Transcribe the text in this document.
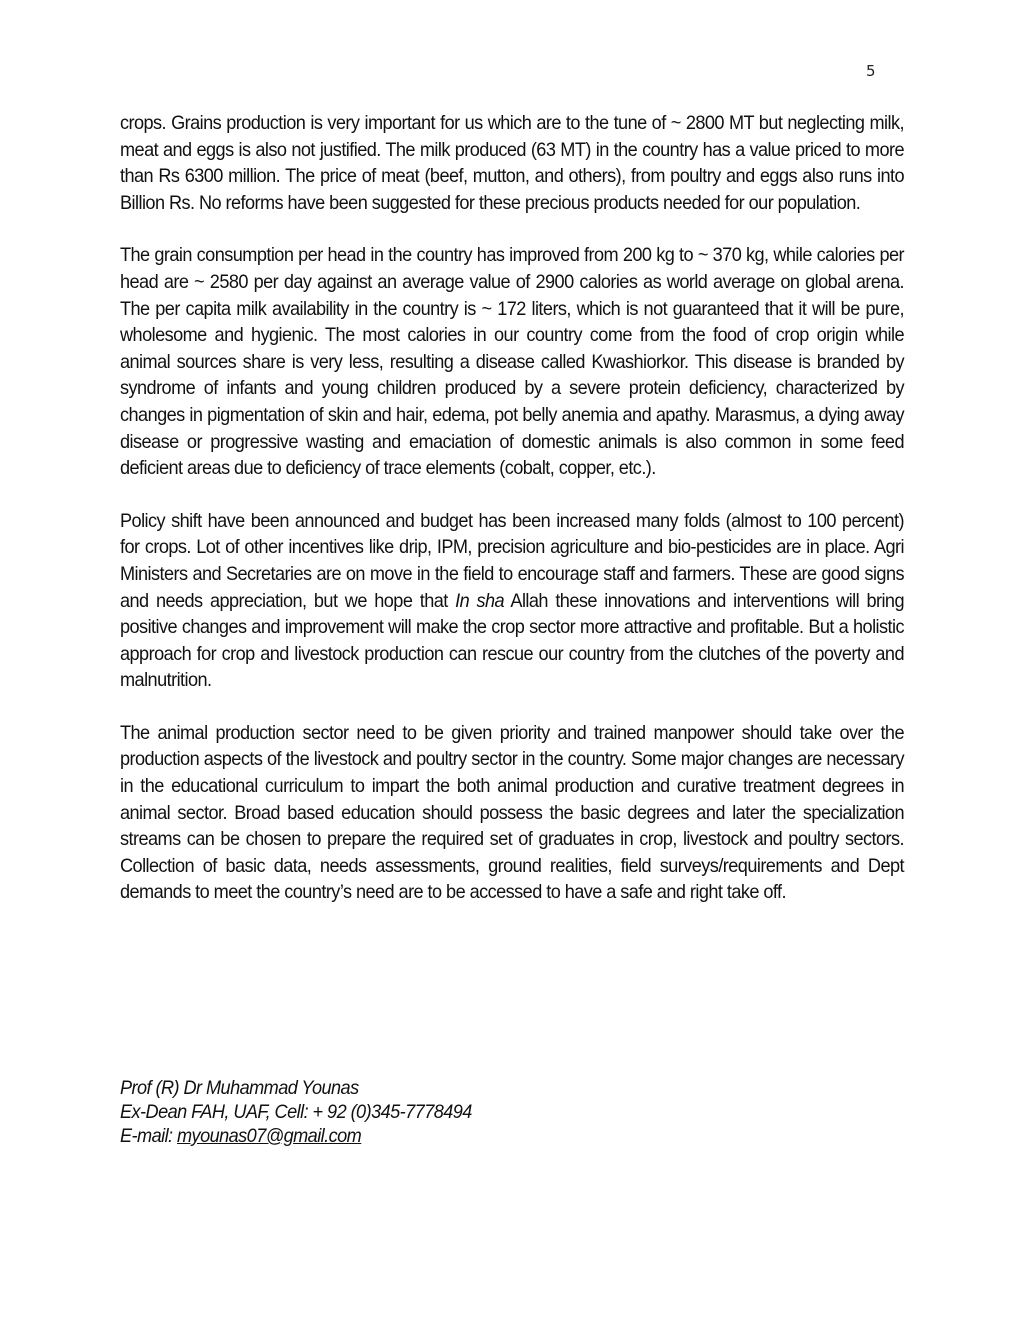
5

crops. Grains production is very important for us which are to the tune of ~ 2800 MT but neglecting milk, meat and eggs is also not justified. The milk produced (63 MT) in the country has a value priced to more than Rs 6300 million. The price of meat (beef, mutton, and others), from poultry and eggs also runs into Billion Rs. No reforms have been suggested for these precious products needed for our population.

The grain consumption per head in the country has improved from 200 kg to ~ 370 kg, while calories per head are ~ 2580 per day against an average value of 2900 calories as world average on global arena. The per capita milk availability in the country is ~ 172 liters, which is not guaranteed that it will be pure, wholesome and hygienic. The most calories in our country come from the food of crop origin while animal sources share is very less, resulting a disease called Kwashiorkor. This disease is branded by syndrome of infants and young children produced by a severe protein deficiency, characterized by changes in pigmentation of skin and hair, edema, pot belly anemia and apathy. Marasmus, a dying away disease or progressive wasting and emaciation of domestic animals is also common in some feed deficient areas due to deficiency of trace elements (cobalt, copper, etc.).

Policy shift have been announced and budget has been increased many folds (almost to 100 percent) for crops. Lot of other incentives like drip, IPM, precision agriculture and bio-pesticides are in place. Agri Ministers and Secretaries are on move in the field to encourage staff and farmers. These are good signs and needs appreciation, but we hope that In sha Allah these innovations and interventions will bring positive changes and improvement will make the crop sector more attractive and profitable. But a holistic approach for crop and livestock production can rescue our country from the clutches of the poverty and malnutrition.

The animal production sector need to be given priority and trained manpower should take over the production aspects of the livestock and poultry sector in the country. Some major changes are necessary in the educational curriculum to impart the both animal production and curative treatment degrees in animal sector. Broad based education should possess the basic degrees and later the specialization streams can be chosen to prepare the required set of graduates in crop, livestock and poultry sectors. Collection of basic data, needs assessments, ground realities, field surveys/requirements and Dept demands to meet the country’s need are to be accessed to have a safe and right take off.

Prof (R) Dr Muhammad Younas
Ex-Dean FAH, UAF, Cell: + 92 (0)345-7778494
E-mail: myounas07@gmail.com
